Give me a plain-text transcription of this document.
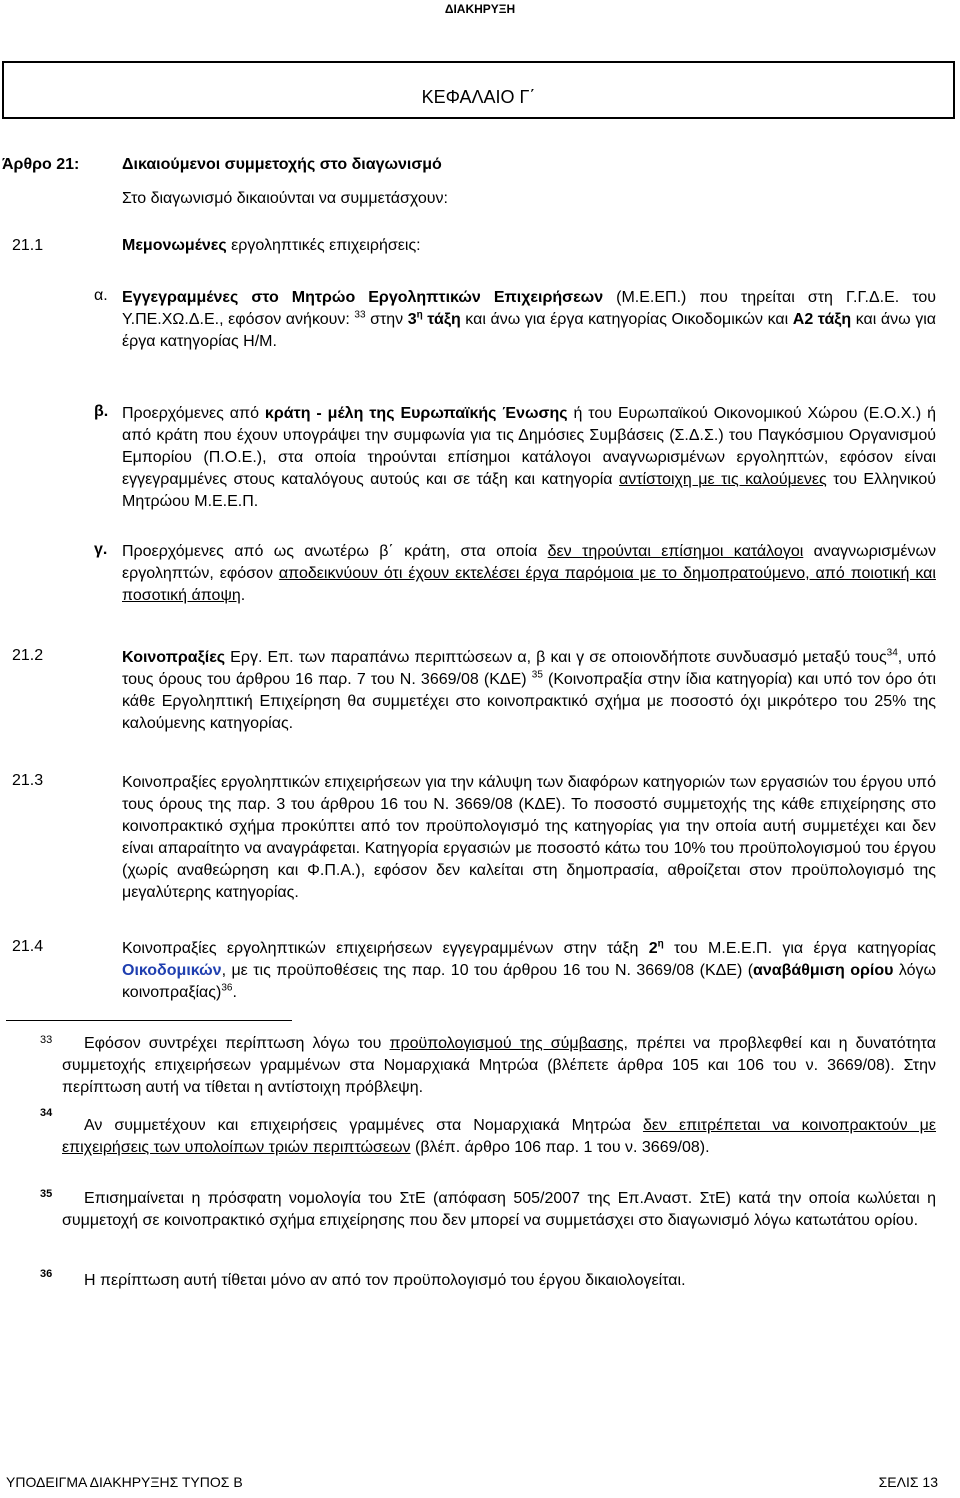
ΔΙΑΚΗΡΥΞΗ
ΚΕΦΑΛΑΙΟ Γ΄
Άρθρο 21:	Δικαιούμενοι συμμετοχής στο διαγωνισμό
Στο διαγωνισμό δικαιούνται να συμμετάσχουν:
21.1	Μεμονωμένες εργοληπτικές επιχειρήσεις:
α. Εγγεγραμμένες στο Μητρώο Εργοληπτικών Επιχειρήσεων (Μ.Ε.ΕΠ.) που τηρείται στη Γ.Γ.Δ.Ε. του Υ.ΠΕ.ΧΩ.Δ.Ε., εφόσον ανήκουν: $^{33}$ στην $3^\eta$ τάξη και άνω για έργα κατηγορίας Οικοδομικών και Α2 τάξη και άνω για έργα κατηγορίας Η/Μ.
β. Προερχόμενες από κράτη - μέλη της Ευρωπαϊκής Ένωσης ή του Ευρωπαϊκού Οικονομικού Χώρου (Ε.Ο.Χ.) ή από κράτη που έχουν υπογράψει την συμφωνία για τις Δημόσιες Συμβάσεις (Σ.Δ.Σ.) του Παγκόσμιου Οργανισμού Εμπορίου (Π.Ο.Ε.), στα οποία τηρούνται επίσημοι κατάλογοι αναγνωρισμένων εργοληπτών, εφόσον είναι εγγεγραμμένες στους καταλόγους αυτούς και σε τάξη και κατηγορία αντίστοιχη με τις καλούμενες του Ελληνικού Μητρώου Μ.Ε.Ε.Π.
γ. Προερχόμενες από ως ανωτέρω β΄ κράτη, στα οποία δεν τηρούνται επίσημοι κατάλογοι αναγνωρισμένων εργοληπτών, εφόσον αποδεικνύουν ότι έχουν εκτελέσει έργα παρόμοια με το δημοπρατούμενο, από ποιοτική και ποσοτική άποψη.
21.2	Κοινοπραξίες Εργ. Επ. των παραπάνω περιπτώσεων α, β και γ σε οποιονδήποτε συνδυασμό μεταξύ τους$^{34}$, υπό τους όρους του άρθρου 16 παρ. 7 του Ν. 3669/08 (ΚΔΕ) $^{35}$ (Κοινοπραξία στην ίδια κατηγορία) και υπό τον όρο ότι κάθε Εργοληπτική Επιχείρηση θα συμμετέχει στο κοινοπρακτικό σχήμα με ποσοστό όχι μικρότερο του 25% της καλούμενης κατηγορίας.
21.3	Κοινοπραξίες εργοληπτικών επιχειρήσεων για την κάλυψη των διαφόρων κατηγοριών των εργασιών του έργου υπό τους όρους της παρ. 3 του άρθρου 16 του Ν. 3669/08 (ΚΔΕ). Το ποσοστό συμμετοχής της κάθε επιχείρησης στο κοινοπρακτικό σχήμα προκύπτει από τον προϋπολογισμό της κατηγορίας για την οποία αυτή συμμετέχει και δεν είναι απαραίτητο να αναγράφεται. Κατηγορία εργασιών με ποσοστό κάτω του 10% του προϋπολογισμού του έργου (χωρίς αναθεώρηση και Φ.Π.Α.), εφόσον δεν καλείται στη δημοπρασία, αθροίζεται στον προϋπολογισμό της μεγαλύτερης κατηγορίας.
21.4	Κοινοπραξίες εργοληπτικών επιχειρήσεων εγγεγραμμένων στην τάξη $2^\eta$ του Μ.Ε.Ε.Π. για έργα κατηγορίας Οικοδομικών, με τις προϋποθέσεις της παρ. 10 του άρθρου 16 του Ν. 3669/08 (ΚΔΕ) (αναβάθμιση ορίου λόγω κοινοπραξίας)$^{36}$.
33	Εφόσον συντρέχει περίπτωση λόγω του προϋπολογισμού της σύμβασης, πρέπει να προβλεφθεί και η δυνατότητα συμμετοχής επιχειρήσεων γραμμένων στα Νομαρχιακά Μητρώα (βλέπετε άρθρα 105 και 106 του ν. 3669/08). Στην περίπτωση αυτή να τίθεται η αντίστοιχη πρόβλεψη.
34
Αν συμμετέχουν και επιχειρήσεις γραμμένες στα Νομαρχιακά Μητρώα δεν επιτρέπεται να κοινοπρακτούν με επιχειρήσεις των υπολοίπων τριών περιπτώσεων (βλέπ. άρθρο 106 παρ. 1 του ν. 3669/08).
35	Επισημαίνεται η πρόσφατη νομολογία του ΣτΕ (απόφαση 505/2007 της Επ.Αναστ. ΣτΕ) κατά την οποία κωλύεται η συμμετοχή σε κοινοπρακτικό σχήμα επιχείρησης που δεν μπορεί να συμμετάσχει στο διαγωνισμό λόγω κατωτάτου ορίου.
36	Η περίπτωση αυτή τίθεται μόνο αν από τον προϋπολογισμό του έργου δικαιολογείται.
ΥΠΟΔΕΙΓΜΑ ΔΙΑΚΗΡΥΞΗΣ ΤΥΠΟΣ Β	ΣΕΛΙΣ 13
